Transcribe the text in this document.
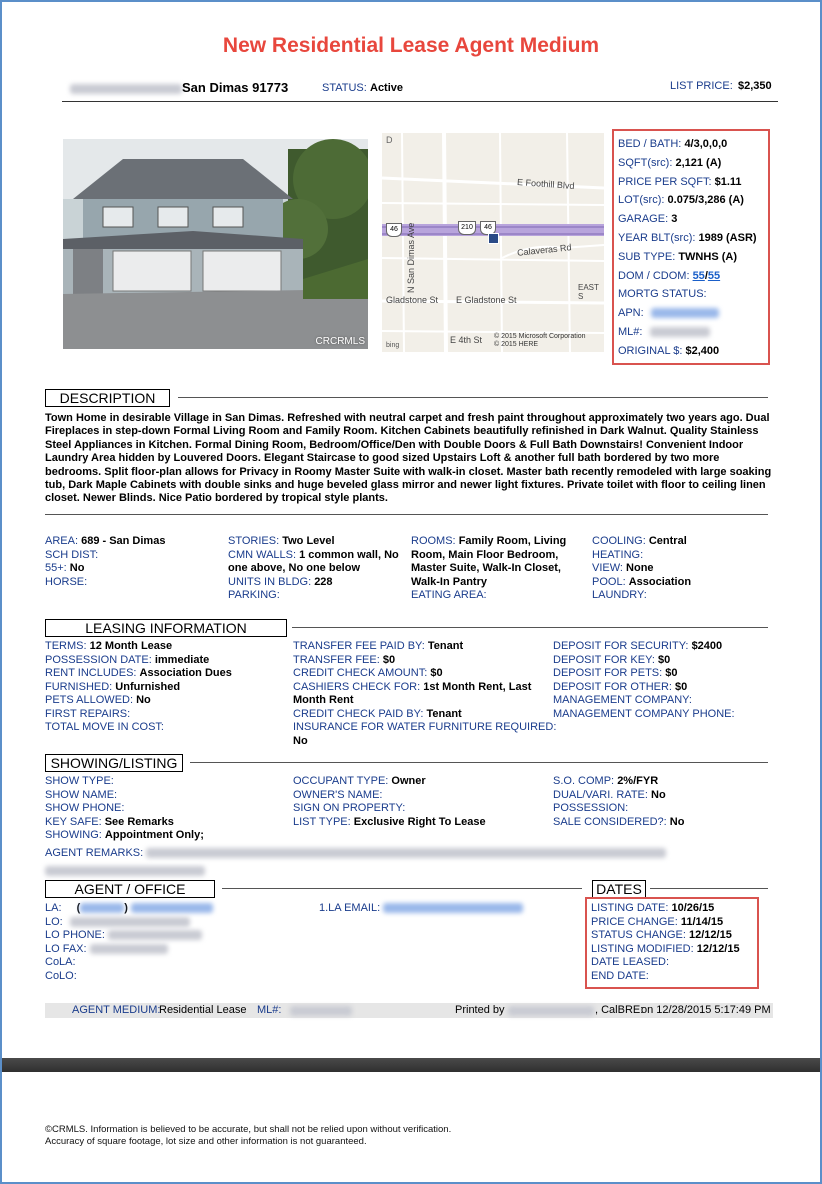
New Residential Lease Agent Medium
San Dimas 91773	STATUS: Active	LIST PRICE: $2,350
CRCRMLS
D
E Foothill Blvd
Calaveras Rd
N San Dimas Ave
Gladstone St E Gladstone St
EAST S
E 4th St
46	210	46
© 2015 Microsoft Corporation
© 2015 HERE
bing
BED / BATH: 4/3,0,0,0
SQFT(src): 2,121 (A)
PRICE PER SQFT: $1.11
LOT(src): 0.075/3,286 (A)
GARAGE: 3
YEAR BLT(src): 1989 (ASR)
SUB TYPE: TWNHS (A)
DOM / CDOM: 55/55
MORTG STATUS:
APN:
ML#:
ORIGINAL $: $2,400
DESCRIPTION
Town Home in desirable Village in San Dimas. Refreshed with neutral carpet and fresh paint throughout approximately two years ago. Dual Fireplaces in step-down Formal Living Room and Family Room. Kitchen Cabinets beautifully refinished in Dark Walnut. Quality Stainless Steel Appliances in Kitchen. Formal Dining Room, Bedroom/Office/Den with Double Doors & Full Bath Downstairs! Convenient Indoor Laundry Area hidden by Louvered Doors. Elegant Staircase to good sized Upstairs Loft & another full bath bordered by two more bedrooms. Split floor-plan allows for Privacy in Roomy Master Suite with walk-in closet. Master bath recently remodeled with large soaking tub, Dark Maple Cabinets with double sinks and huge beveled glass mirror and newer light fixtures. Private toilet with floor to ceiling linen closet. Newer Blinds. Nice Patio bordered by tropical style plants.
AREA: 689 - San Dimas
SCH DIST:
55+: No
HORSE:
STORIES: Two Level
CMN WALLS: 1 common wall, No
one above, No one below
UNITS IN BLDG: 228
PARKING:
ROOMS: Family Room, Living
Room, Main Floor Bedroom,
Master Suite, Walk-In Closet,
Walk-In Pantry
EATING AREA:
COOLING: Central
HEATING:
VIEW: None
POOL: Association
LAUNDRY:
LEASING INFORMATION
TERMS: 12 Month Lease
POSSESSION DATE: immediate
RENT INCLUDES: Association Dues
FURNISHED: Unfurnished
PETS ALLOWED: No
FIRST REPAIRS:
TOTAL MOVE IN COST:
TRANSFER FEE PAID BY: Tenant
TRANSFER FEE: $0
CREDIT CHECK AMOUNT: $0
CASHIERS CHECK FOR: 1st Month Rent, Last
Month Rent
CREDIT CHECK PAID BY: Tenant
INSURANCE FOR WATER FURNITURE REQUIRED:
No
DEPOSIT FOR SECURITY: $2400
DEPOSIT FOR KEY: $0
DEPOSIT FOR PETS: $0
DEPOSIT FOR OTHER: $0
MANAGEMENT COMPANY:
MANAGEMENT COMPANY PHONE:
SHOWING/LISTING
SHOW TYPE:
SHOW NAME:
SHOW PHONE:
KEY SAFE: See Remarks
SHOWING: Appointment Only;
OCCUPANT TYPE: Owner
OWNER'S NAME:
SIGN ON PROPERTY:
LIST TYPE: Exclusive Right To Lease
S.O. COMP: 2%/FYR
DUAL/VARI. RATE: No
POSSESSION:
SALE CONSIDERED?: No
AGENT REMARKS:
AGENT / OFFICE
LA: (	)
LO:
LO PHONE:
LO FAX:
CoLA:
CoLO:
1.LA EMAIL:
DATES
LISTING DATE: 10/26/15
PRICE CHANGE: 11/14/15
STATUS CHANGE: 12/12/15
LISTING MODIFIED: 12/12/15
DATE LEASED:
END DATE:
AGENT MEDIUM:
Residential Lease ML#:	Printed by	, CalBRE:
on 12/28/2015 5:17:49 PM
©CRMLS. Information is believed to be accurate, but shall not be relied upon without verification.
Accuracy of square footage, lot size and other information is not guaranteed.
